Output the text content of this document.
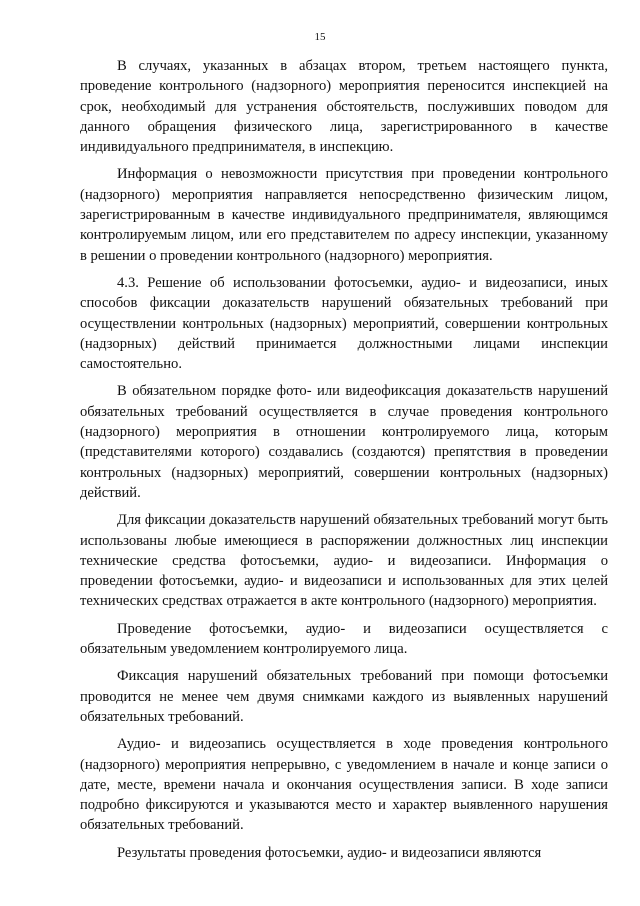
15

В случаях, указанных в абзацах втором, третьем настоящего пункта, проведение контрольного (надзорного) мероприятия переносится инспекцией на срок, необходимый для устранения обстоятельств, послуживших поводом для данного обращения физического лица, зарегистрированного в качестве индивидуального предпринимателя, в инспекцию.

Информация о невозможности присутствия при проведении контрольного (надзорного) мероприятия направляется непосредственно физическим лицом, зарегистрированным в качестве индивидуального предпринимателя, являющимся контролируемым лицом, или его представителем по адресу инспекции, указанному в решении о проведении контрольного (надзорного) мероприятия.

4.3. Решение об использовании фотосъемки, аудио- и видеозаписи, иных способов фиксации доказательств нарушений обязательных требований при осуществлении контрольных (надзорных) мероприятий, совершении контрольных (надзорных) действий принимается должностными лицами инспекции самостоятельно.

В обязательном порядке фото- или видеофиксация доказательств нарушений обязательных требований осуществляется в случае проведения контрольного (надзорного) мероприятия в отношении контролируемого лица, которым (представителями которого) создавались (создаются) препятствия в проведении контрольных (надзорных) мероприятий, совершении контрольных (надзорных) действий.

Для фиксации доказательств нарушений обязательных требований могут быть использованы любые имеющиеся в распоряжении должностных лиц инспекции технические средства фотосъемки, аудио- и видеозаписи. Информация о проведении фотосъемки, аудио- и видеозаписи и использованных для этих целей технических средствах отражается в акте контрольного (надзорного) мероприятия.

Проведение фотосъемки, аудио- и видеозаписи осуществляется с обязательным уведомлением контролируемого лица.

Фиксация нарушений обязательных требований при помощи фотосъемки проводится не менее чем двумя снимками каждого из выявленных нарушений обязательных требований.

Аудио- и видеозапись осуществляется в ходе проведения контрольного (надзорного) мероприятия непрерывно, с уведомлением в начале и конце записи о дате, месте, времени начала и окончания осуществления записи. В ходе записи подробно фиксируются и указываются место и характер выявленного нарушения обязательных требований.

Результаты проведения фотосъемки, аудио- и видеозаписи являются
